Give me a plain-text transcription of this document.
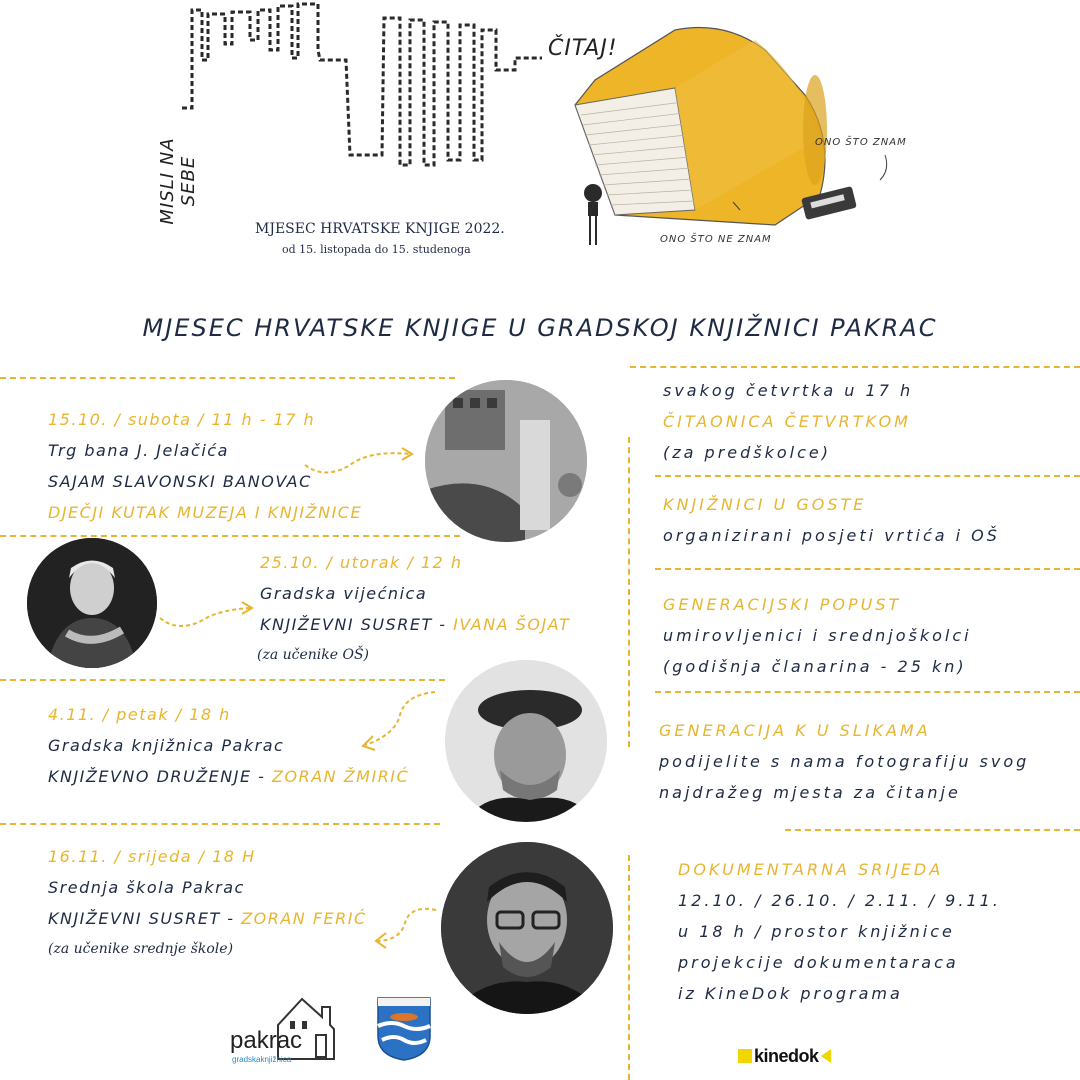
MISLI NA SEBE
ČITAJ!
MJESEC HRVATSKE KNJIGE 2022.
od 15. listopada do 15. studenoga
ONO ŠTO ZNAM
ONO ŠTO NE ZNAM
MJESEC HRVATSKE KNJIGE U GRADSKOJ KNJIŽNICI PAKRAC
15.10. / subota / 11 h - 17 h
Trg bana J. Jelačića
SAJAM SLAVONSKI BANOVAC
DJEČJI KUTAK MUZEJA I KNJIŽNICE
25.10. / utorak / 12 h
Gradska vijećnica
KNJIŽEVNI SUSRET - IVANA ŠOJAT
(za učenike OŠ)
4.11. / petak / 18 h
Gradska knjižnica Pakrac
KNJIŽEVNO DRUŽENJE - ZORAN ŽMIRIĆ
16.11. / srijeda / 18 H
Srednja škola Pakrac
KNJIŽEVNI SUSRET - ZORAN FERIĆ
(za učenike srednje škole)
svakog četvrtka u 17 h
ČITAONICA ČETVRTKOM
(za predškolce)
KNJIŽNICI U GOSTE
organizirani posjeti vrtića i OŠ
GENERACIJSKI POPUST
umirovljenici i srednjoškolci
(godišnja članarina - 25 kn)
GENERACIJA K U SLIKAMA
podijelite s nama fotografiju svog
najdražeg mjesta za čitanje
DOKUMENTARNA SRIJEDA
12.10. / 26.10. / 2.11. / 9.11.
u 18 h / prostor knjižnice
projekcije dokumentaraca
iz KineDok programa
pakrac
gradskaknjižnica	kinedok
